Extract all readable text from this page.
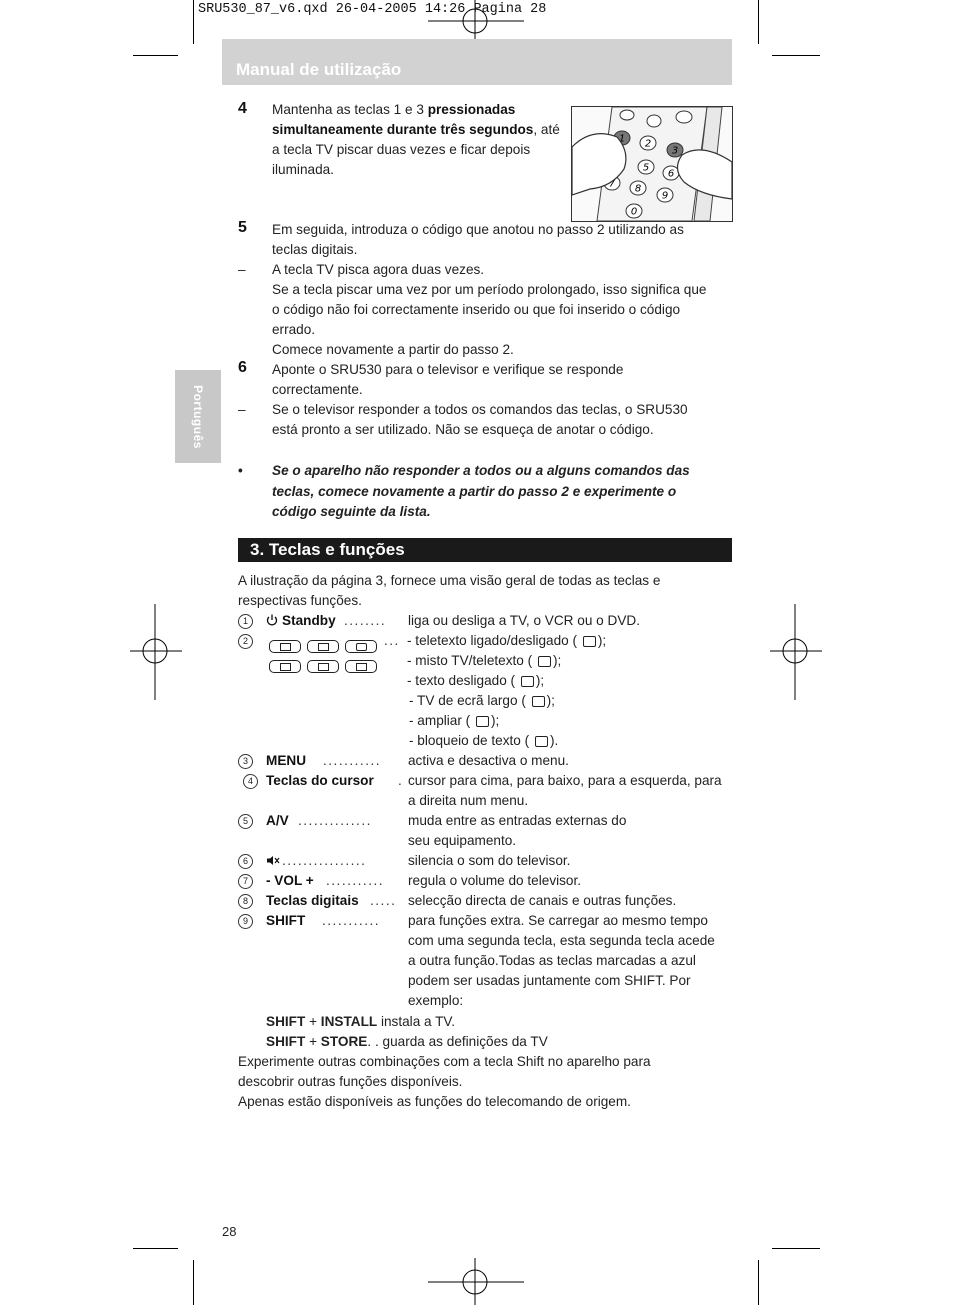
SRU530_87_v6.qxd 26-04-2005 14:26 Pagina 28
Manual de utilização
Português
4 Mantenha as teclas 1 e 3 pressionadas
simultaneamente durante três segundos, até
a tecla TV piscar duas vezes e ficar depois
iluminada.
1 2
3
5
6
7 8
9
0
5 Em seguida, introduza o código que anotou no passo 2 utilizando as
teclas digitais.
– A tecla TV pisca agora duas vezes.
Se a tecla piscar uma vez por um período prolongado, isso significa que
o código não foi correctamente inserido ou que foi inserido o código
errado.
Comece novamente a partir do passo 2.
6 Aponte o SRU530 para o televisor e verifique se responde
correctamente.
– Se o televisor responder a todos os comandos das teclas, o SRU530
está pronto a ser utilizado. Não se esqueça de anotar o código.
• Se o aparelho não responder a todos ou a alguns comandos das
teclas, comece novamente a partir do passo 2 e experimente o
código seguinte da lista.
3. Teclas e funções
A ilustração da página 3, fornece uma visão geral de todas as teclas e
respectivas funções.
1	Standby ........ liga ou desliga a TV, o VCR ou o DVD.
2	... - teletexto ligado/desligado ( );
- misto TV/teletexto ( );
- texto desligado ( );
- TV de ecrã largo ( );
- ampliar ( );
- bloqueio de texto ( ).
3	MENU ........... activa e desactiva o menu.
4 Teclas do cursor . cursor para cima, para baixo, para a esquerda, para
a direita num menu.
5	A/V ..............	muda entre as entradas externas do
seu equipamento.
6	................	silencia o som do televisor.
7	- VOL + ........... regula o volume do televisor.
8	Teclas digitais ..... selecção directa de canais e outras funções.
9	SHIFT ........... para funções extra. Se carregar ao mesmo tempo
com uma segunda tecla, esta segunda tecla acede
a outra função.Todas as teclas marcadas a azul
podem ser usadas juntamente com SHIFT. Por
exemplo:
SHIFT + INSTALL instala a TV.
SHIFT + STORE. . guarda as definições da TV
Experimente outras combinações com a tecla Shift no aparelho para
descobrir outras funções disponíveis.
Apenas estão disponíveis as funções do telecomando de origem.
28
